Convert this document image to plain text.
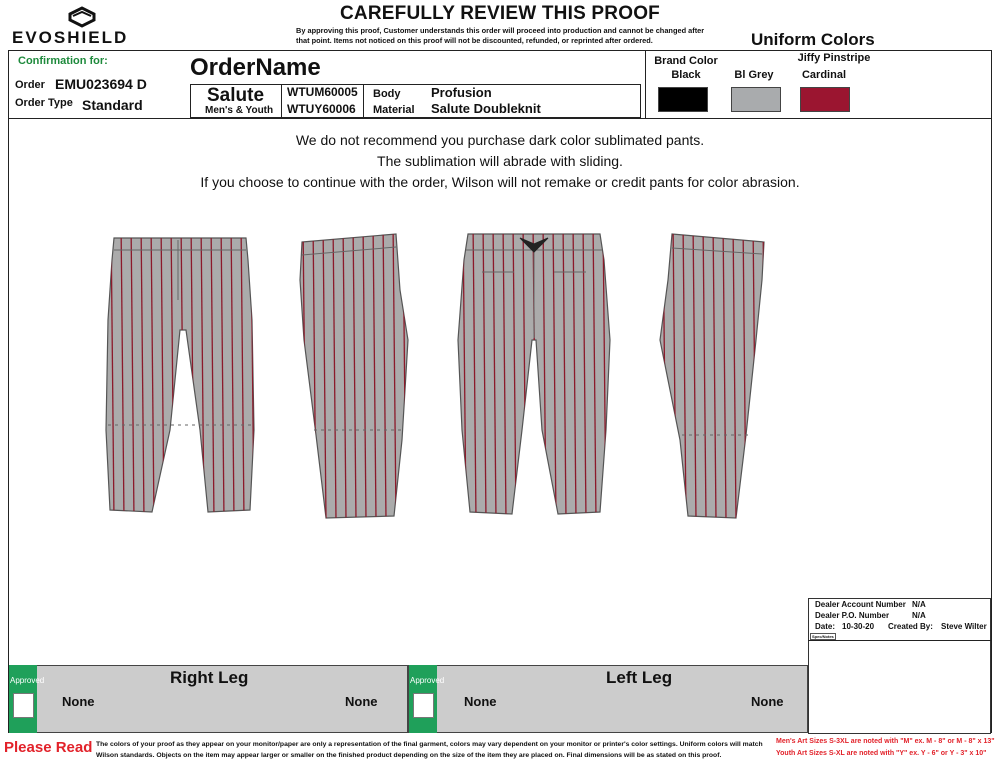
EVOSHIELD
CAREFULLY REVIEW THIS PROOF
By approving this proof, Customer understands this order will proceed into production and cannot be changed after that point. Items not noticed on this proof will not be discounted, refunded, or reprinted after ordered.	Uniform Colors
Confirmation for:
Order EMU023694 D
Order Type Standard
OrderName
Salute
Men's & Youth
WTUM60005
WTUY60006
Body Profusion
Material Salute Doubleknit
Brand Color
Black	Bl Grey
Jiffy Pinstripe
Cardinal
We do not recommend you purchase dark color sublimated pants.
The sublimation will abrade with sliding.
If you choose to continue with the order, Wilson will not remake or credit pants for color abrasion.
Dealer Account Number N/A
Dealer P.O. Number	N/A
Date: 10-30-20 Created By: Steve Wilter
Spec/Notes
Approved	Approved
Right Leg	Left Leg
None	None	None	None
Please Read The colors of your proof as they appear on your monitor/paper are only a representation of the final garment, colors may vary dependent on your monitor or printer's color settings. Uniform colors will match Wilson standards. Objects on the item may appear larger or smaller on the finished product depending on the size of the item they are placed on. Final dimensions will be as stated on this proof.
Men's Art Sizes S-3XL are noted with "M" ex. M - 8" or M - 8" x 13"
Youth Art Sizes S-XL are noted with "Y" ex. Y - 6" or Y - 3" x 10"
